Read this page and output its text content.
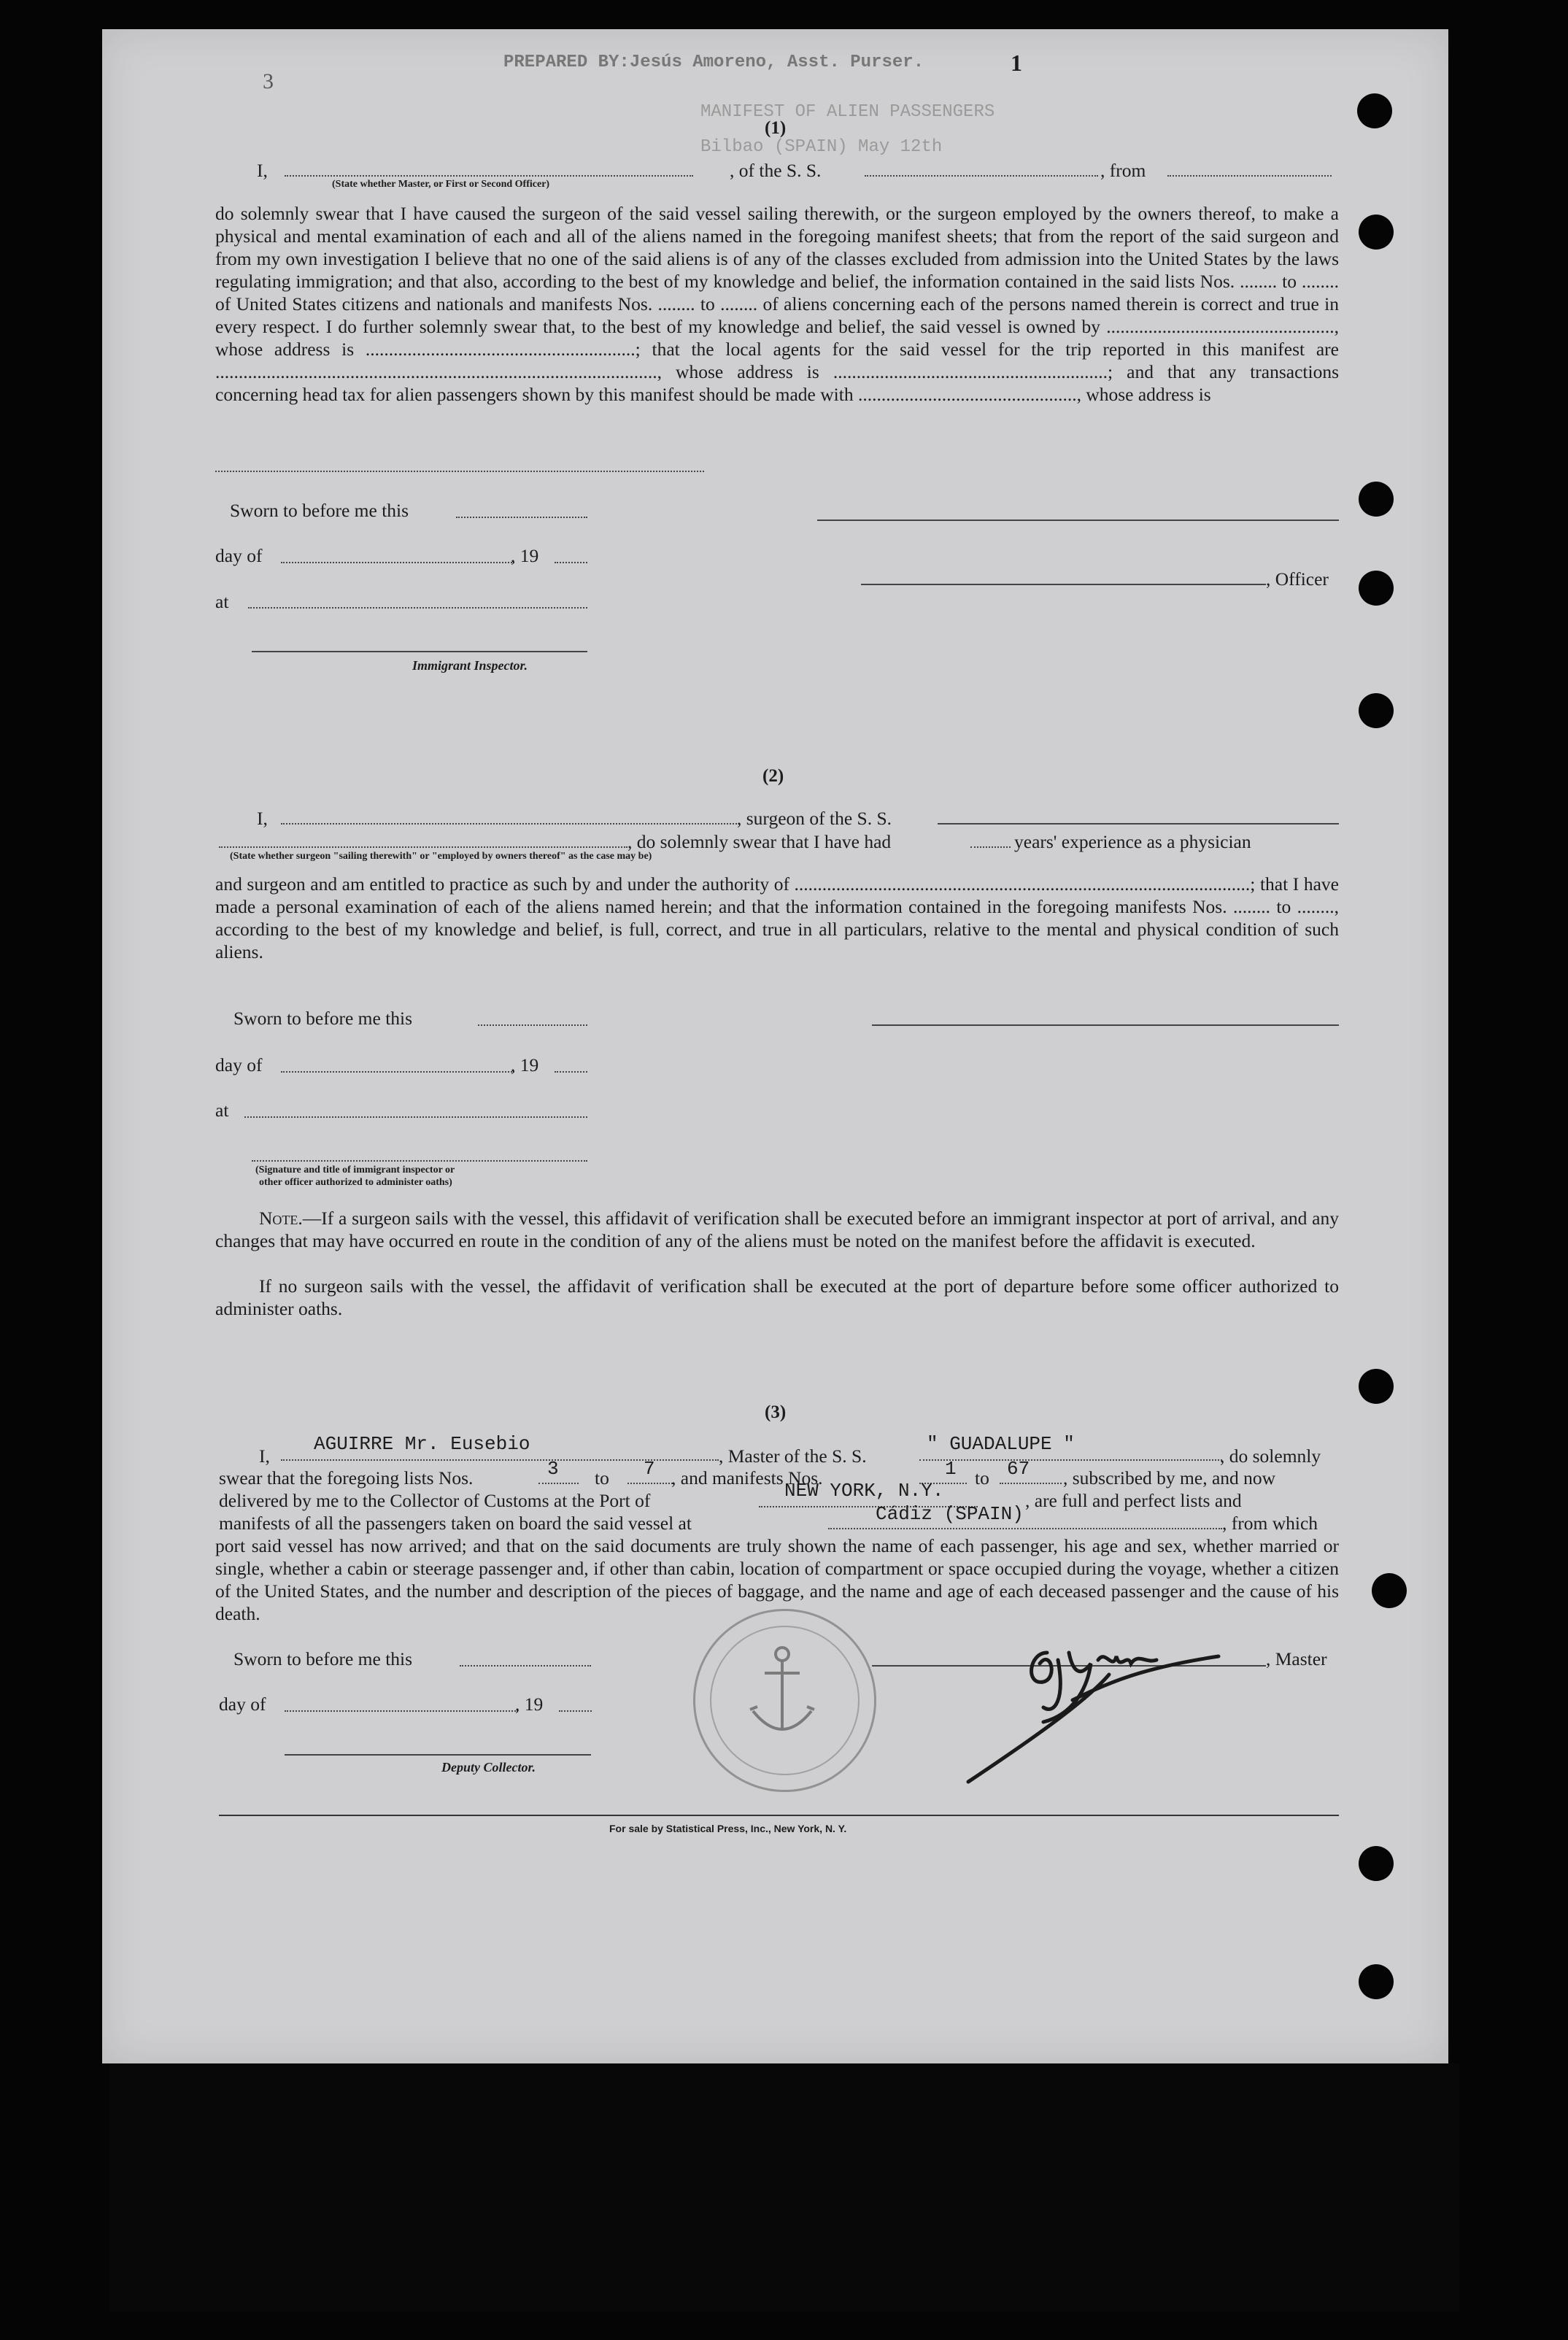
PREPARED BY:Jesús Amoreno, Asst. Purser.	1
3
MANIFEST OF ALIEN PASSENGERS
Bilbao (SPAIN) May 12th
(1)
I,	, of the S. S.	, from
(State whether Master, or First or Second Officer)
do solemnly swear that I have caused the surgeon of the said vessel sailing therewith, or the surgeon employed by the owners thereof, to make a physical and mental examination of each and all of the aliens named in the foregoing manifest sheets; that from the report of the said surgeon and from my own investigation I believe that no one of the said aliens is of any of the classes excluded from admission into the United States by the laws regulating immigration; and that also, according to the best of my knowledge and belief, the information contained in the said lists Nos. ........ to ........ of United States citizens and nationals and manifests Nos. ........ to ........ of aliens concerning each of the persons named therein is correct and true in every respect. I do further solemnly swear that, to the best of my knowledge and belief, the said vessel is owned by ................................................., whose address is ..........................................................; that the local agents for the said vessel for the trip reported in this manifest are ..............................................................................................., whose address is ...........................................................; and that any transactions concerning head tax for alien passengers shown by this manifest should be made with ..............................................., whose address is
Sworn to before me this
day of	, 19
, Officer
at
Immigrant Inspector.
(2)
I,	, surgeon of the S. S.
, do solemnly swear that I have had	years' experience as a physician
(State whether surgeon "sailing therewith" or "employed by owners thereof" as the case may be)
and surgeon and am entitled to practice as such by and under the authority of ..................................................................................................; that I have made a personal examination of each of the aliens named herein; and that the information contained in the foregoing manifests Nos. ........ to ........, according to the best of my knowledge and belief, is full, correct, and true in all particulars, relative to the mental and physical condition of such aliens.
Sworn to before me this
day of	, 19
at
(Signature and title of immigrant inspector or
other officer authorized to administer oaths)
Note.—If a surgeon sails with the vessel, this affidavit of verification shall be executed before an immigrant inspector at port of arrival, and any changes that may have occurred en route in the condition of any of the aliens must be noted on the manifest before the affidavit is executed.
If no surgeon sails with the vessel, the affidavit of verification shall be executed at the port of departure before some officer authorized to administer oaths.
(3)
I,
AGUIRRE Mr. Eusebio
, Master of the S. S.
" GUADALUPE "
, do solemnly
swear that the foregoing lists Nos.	3 to 7 , and manifests Nos.	1 to 67 , subscribed by me, and now
delivered by me to the Collector of Customs at the Port of	NEW YORK, N.Y.	, are full and perfect lists and
manifests of all the passengers taken on board the said vessel at	Cádiz (SPAIN)	, from which
port said vessel has now arrived; and that on the said documents are truly shown the name of each passenger, his age and sex, whether married or single, whether a cabin or steerage passenger and, if other than cabin, location of compartment or space occupied during the voyage, whether a citizen of the United States, and the number and description of the pieces of baggage, and the name and age of each deceased passenger and the cause of his death.
Sworn to before me this	, Master
day of	, 19
Deputy Collector.
For sale by Statistical Press, Inc., New York, N. Y.
